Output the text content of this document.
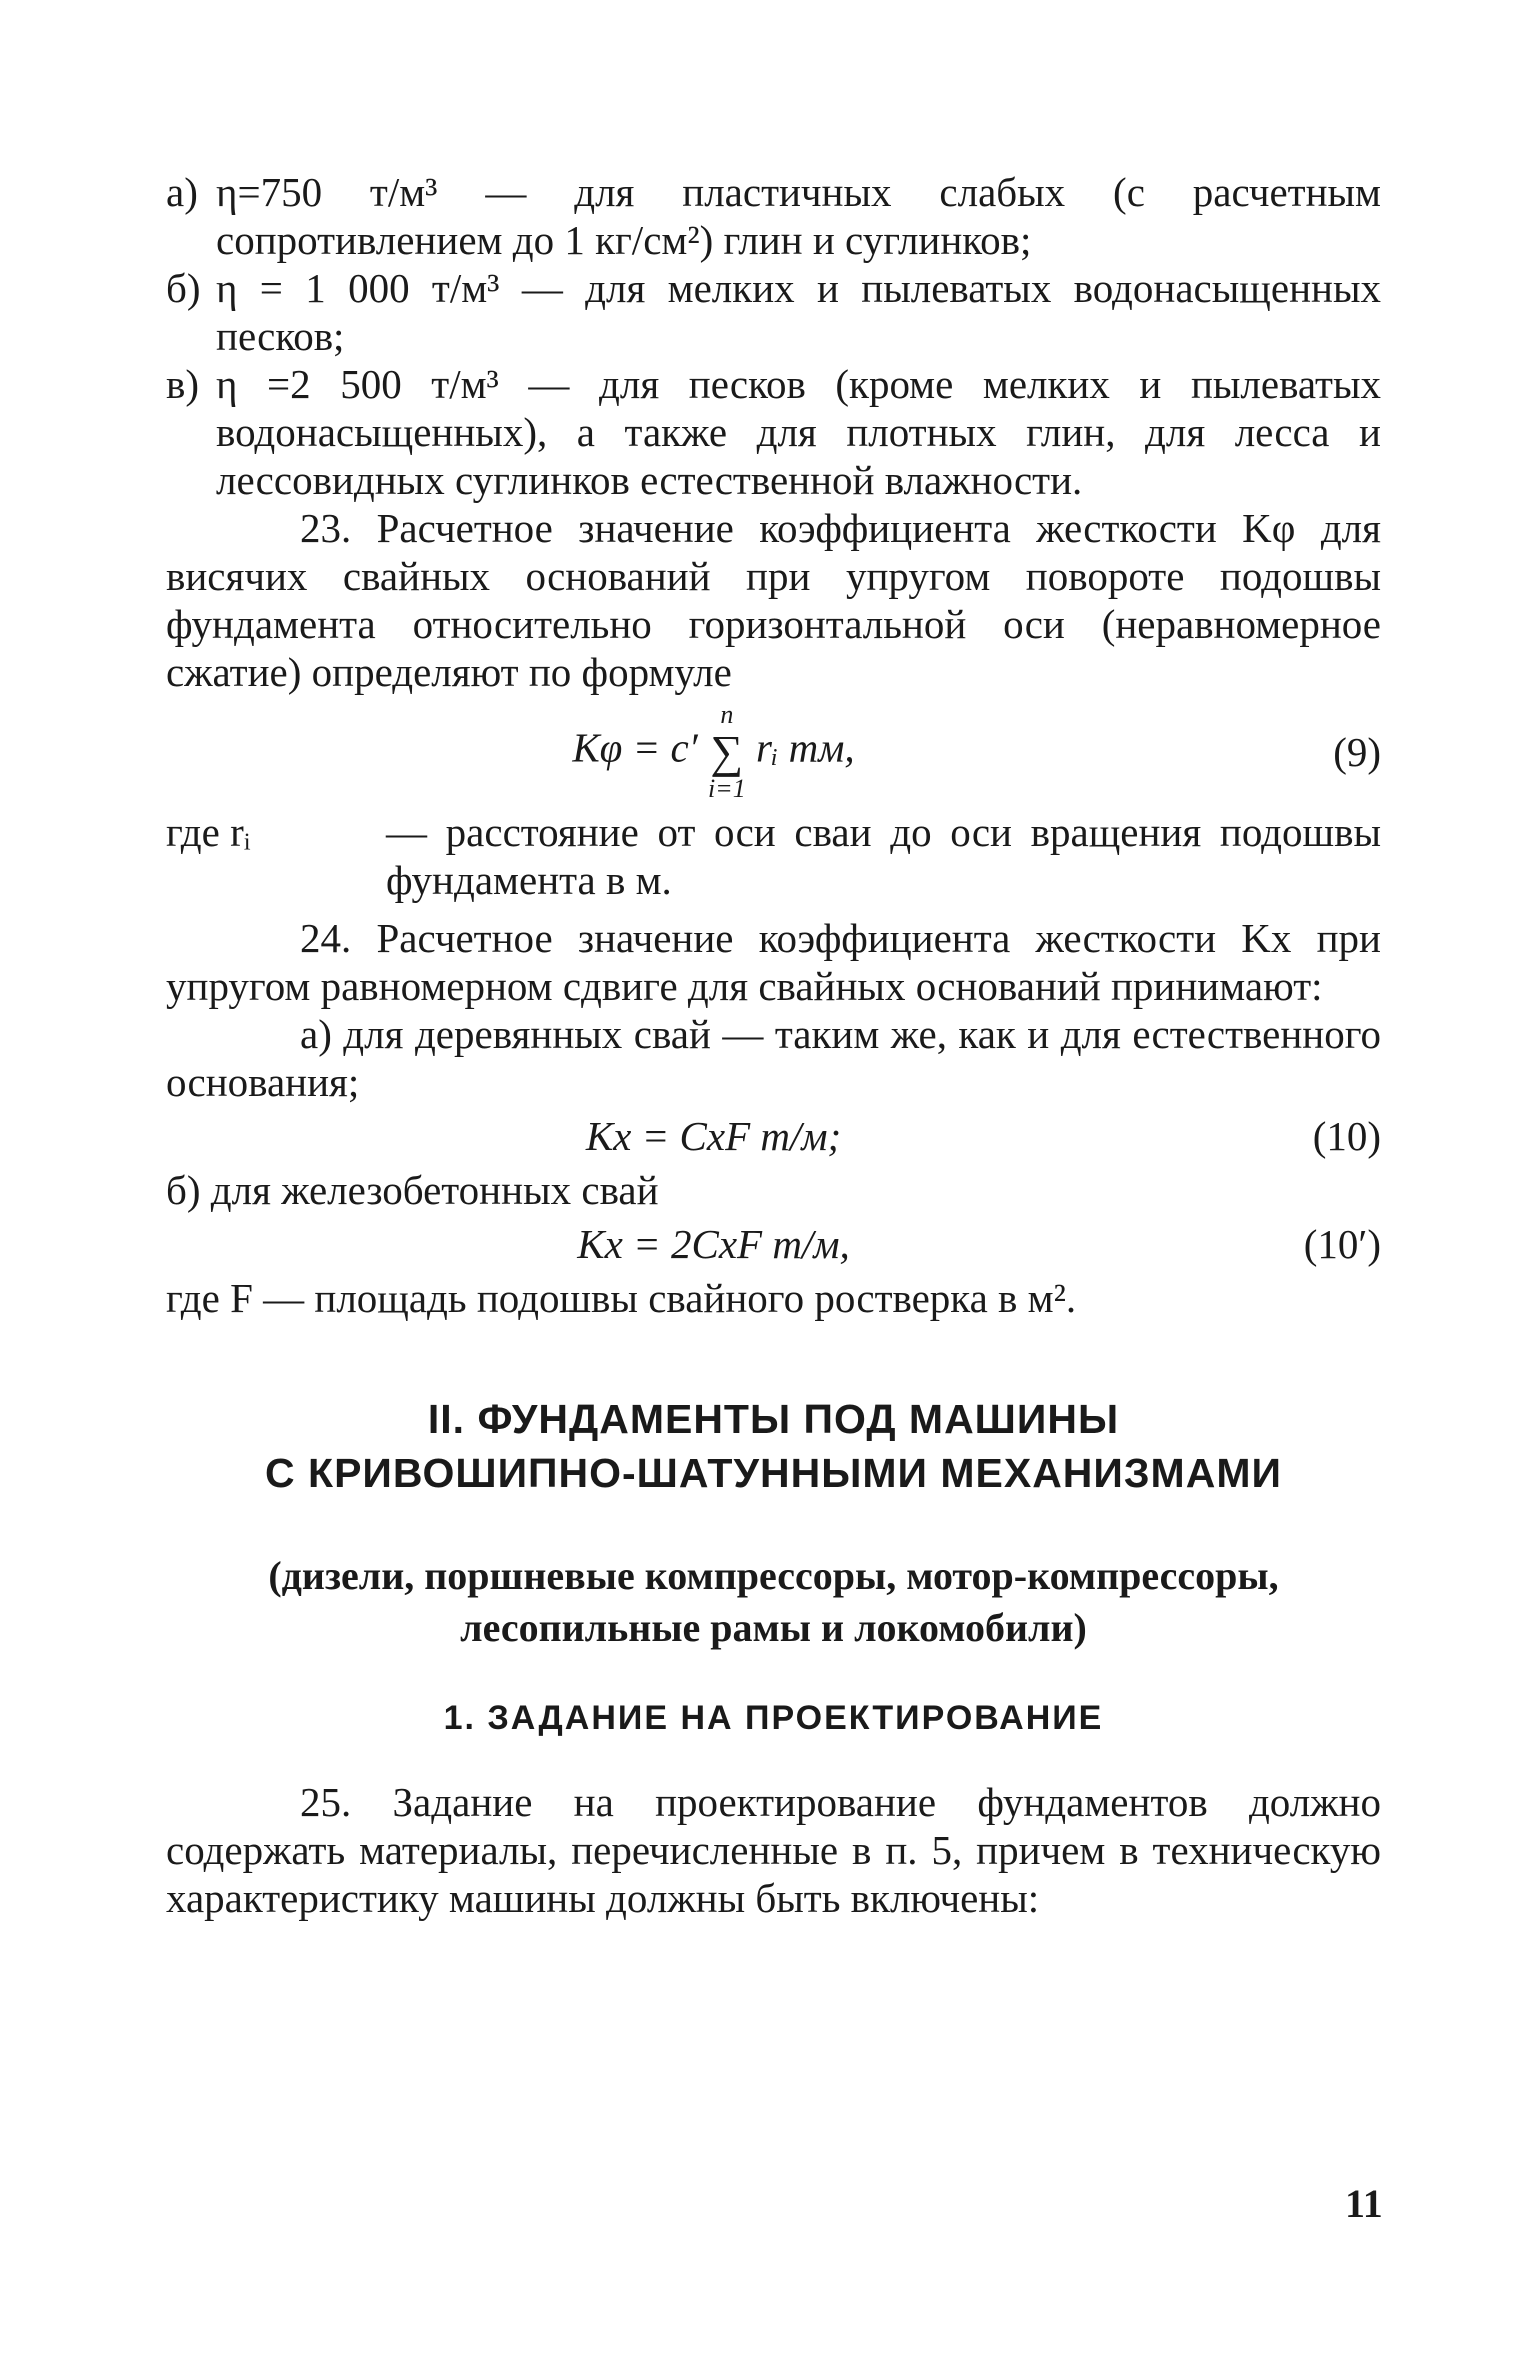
а) η=750 т/м³ — для пластичных слабых (с расчетным сопротивлением до 1 кг/см²) глин и суглинков;
б) η = 1 000 т/м³ — для мелких и пылеватых водонасыщенных песков;
в) η =2 500 т/м³ — для песков (кроме мелких и пылеватых водонасыщенных), а также для плотных глин, для лесса и лессовидных суглинков естественной влажности.

23. Расчетное значение коэффициента жесткости Kφ для висячих свайных оснований при упругом повороте подошвы фундамента относительно горизонтальной оси (неравномерное сжатие) определяют по формуле

Kφ = c′
n
∑
i=1
rᵢ тм,	(9)
где rᵢ	— расстояние от оси сваи до оси вращения подошвы фундамента в м.

24. Расчетное значение коэффициента жесткости Kx при упругом равномерном сдвиге для свайных оснований принимают:

а) для деревянных свай — таким же, как и для естественного основания;

Kx = CxF т/м;	(10)

б) для железобетонных свай

Kx = 2CxF т/м,	(10′)

где F — площадь подошвы свайного ростверка в м².

II. ФУНДАМЕНТЫ ПОД МАШИНЫ
С КРИВОШИПНО-ШАТУННЫМИ МЕХАНИЗМАМИ
(дизели, поршневые компрессоры, мотор-компрессоры,
лесопильные рамы и локомобили)
1. ЗАДАНИЕ НА ПРОЕКТИРОВАНИЕ

25. Задание на проектирование фундаментов должно содержать материалы, перечисленные в п. 5, причем в техническую характеристику машины должны быть включены:

11
